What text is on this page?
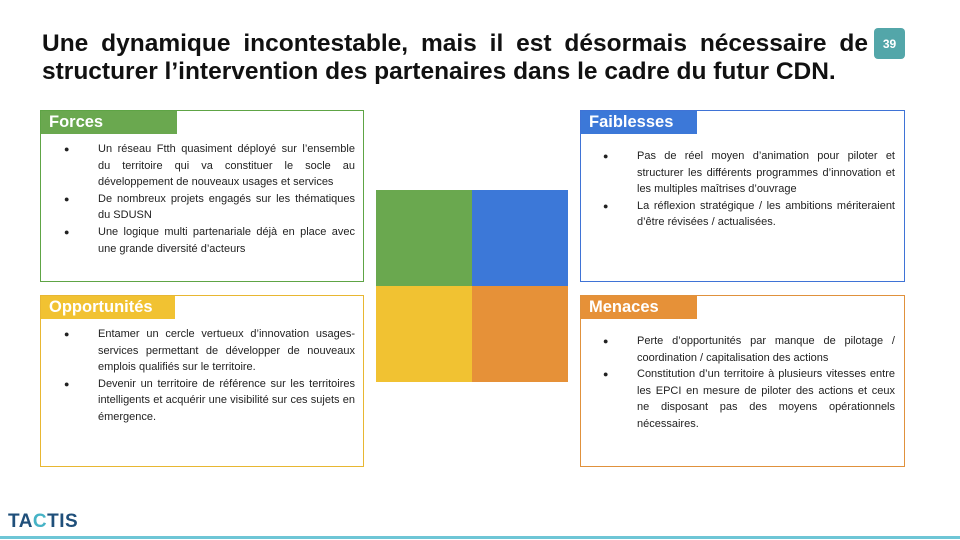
Une dynamique incontestable, mais il est désormais nécessaire de structurer l’intervention des partenaires dans le cadre du futur CDN.
39
Forces
●	Un réseau Ftth quasiment déployé sur l’ensemble du territoire qui va constituer le socle au développement de nouveaux usages et services
●	De nombreux projets engagés sur les thématiques du SDUSN
●	Une logique multi partenariale déjà en place avec une grande diversité d’acteurs
Faiblesses
●	Pas de réel moyen d’animation pour piloter et structurer les différents programmes d’innovation et les multiples maîtrises d’ouvrage
●	La réflexion stratégique / les ambitions mériteraient d’être révisées / actualisées.
Opportunités
●	Entamer un cercle vertueux d’innovation usages-services permettant de développer de nouveaux emplois qualifiés sur le territoire.
●	Devenir un territoire de référence sur les territoires intelligents et acquérir une visibilité sur ces sujets en émergence.
Menaces
●	Perte d’opportunités par manque de pilotage / coordination / capitalisation des actions
●	Constitution d’un territoire à plusieurs vitesses entre les EPCI en mesure de piloter des actions et ceux ne disposant pas des moyens opérationnels nécessaires.
TACTIS
